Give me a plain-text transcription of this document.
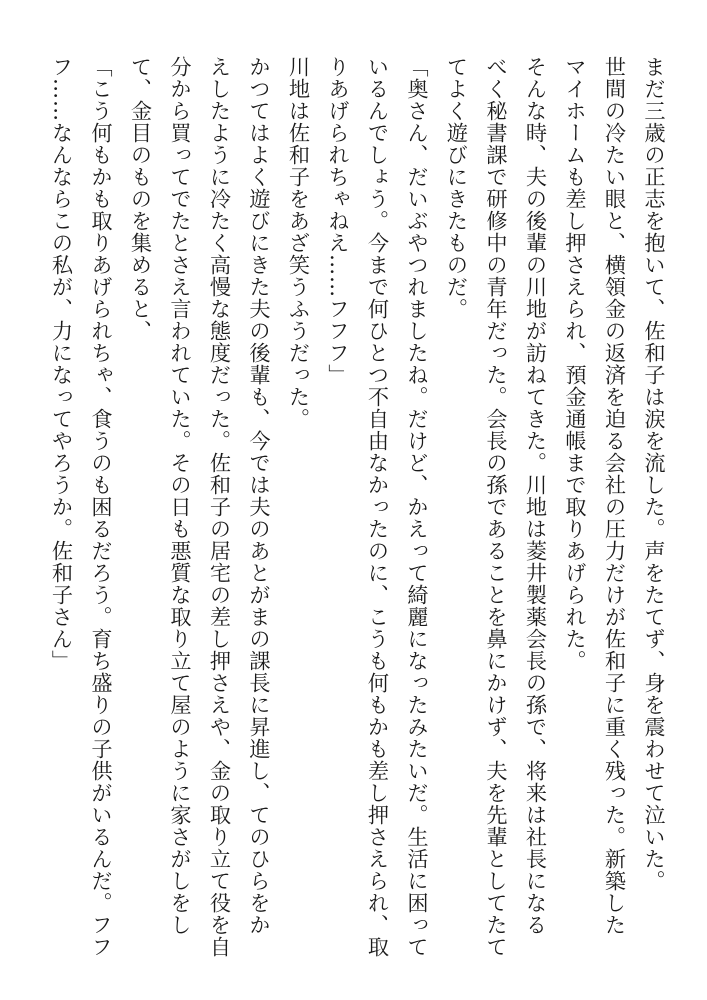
まだ三歳の正志を抱いて、佐和子は涙を流した。声をたてず、身を震わせて泣いた。
世間の冷たい眼と、横領金の返済を迫る会社の圧力だけが佐和子に重く残った。新築した
マイホームも差し押さえられ、預金通帳まで取りあげられた。
そんな時、夫の後輩の川地が訪ねてきた。川地は菱井製薬会長の孫で、将来は社長になる
べく秘書課で研修中の青年だった。会長の孫であることを鼻にかけず、夫を先輩としてたて
てよく遊びにきたものだ。
「奥さん、だいぶやつれましたね。だけど、かえって綺麗になったみたいだ。生活に困って
いるんでしょう。今まで何ひとつ不自由なかったのに、こうも何もかも差し押さえられ、取
りあげられちゃねえ……フフフ」
川地は佐和子をあざ笑うふうだった。
かつてはよく遊びにきた夫の後輩も、今では夫のあとがまの課長に昇進し、てのひらをか
えしたように冷たく高慢な態度だった。佐和子の居宅の差し押さえや、金の取り立て役を自
分から買ってでたとさえ言われていた。その日も悪質な取り立て屋のように家さがしをし
て、金目のものを集めると、
「こう何もかも取りあげられちゃ、食うのも困るだろう。育ち盛りの子供がいるんだ。フフ
フ……なんならこの私が、力になってやろうか。佐和子さん」
